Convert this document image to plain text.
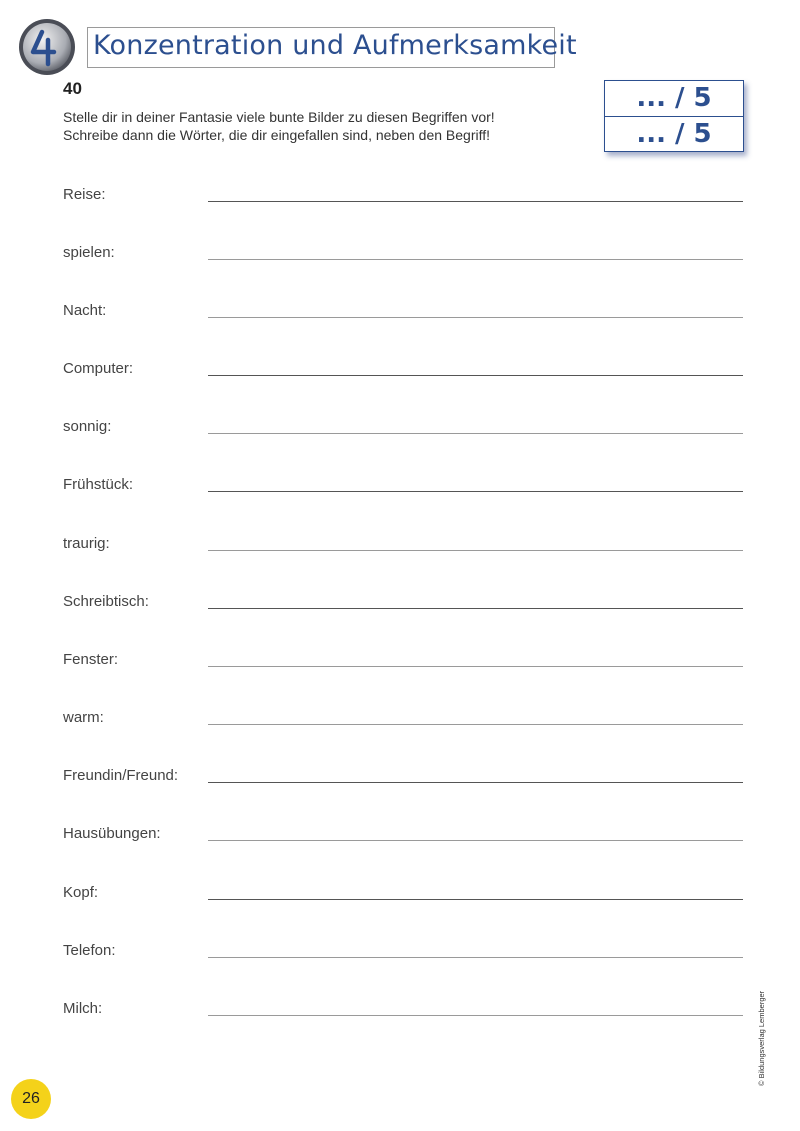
Konzentration und Aufmerksamkeit
40
Stelle dir in deiner Fantasie viele bunte Bilder zu diesen Begriffen vor!
Schreibe dann die Wörter, die dir eingefallen sind, neben den Begriff!
... / 5
... / 5
Reise:
spielen:
Nacht:
Computer:
sonnig:
Frühstück:
traurig:
Schreibtisch:
Fenster:
warm:
Freundin/Freund:
Hausübungen:
Kopf:
Telefon:
Milch:	© Bildungsverlag Lemberger
26
